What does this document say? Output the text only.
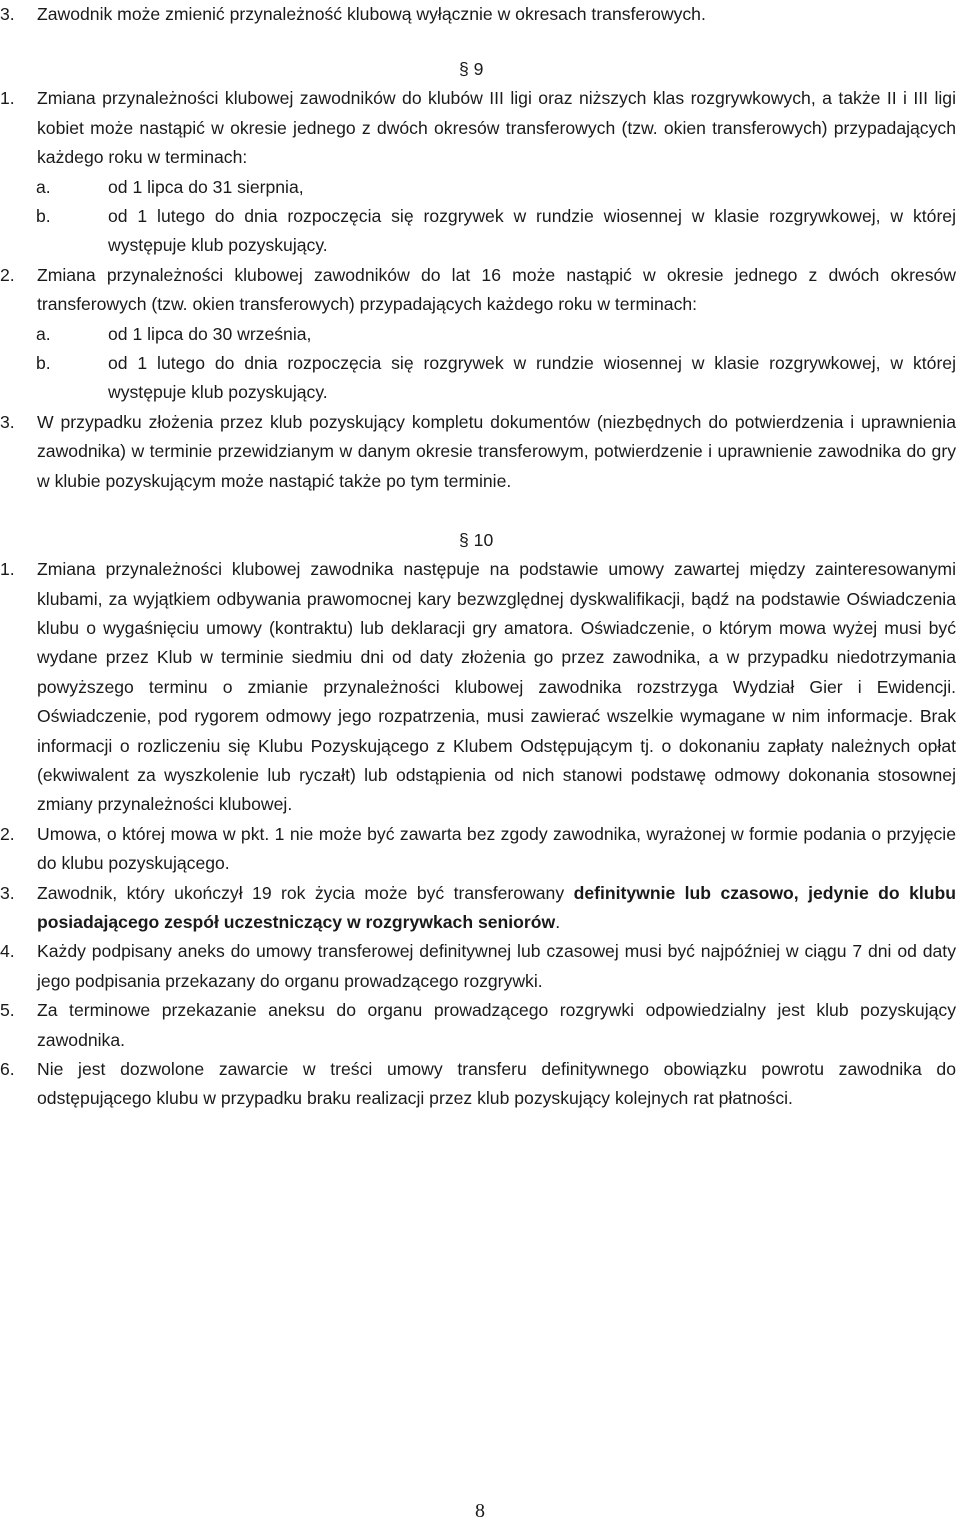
3. Zawodnik może zmienić przynależność klubową wyłącznie w okresach transferowych.
§ 9
1. Zmiana przynależności klubowej zawodników do klubów III ligi oraz niższych klas rozgrywkowych, a także II i III ligi kobiet może nastąpić w okresie jednego z dwóch okresów transferowych (tzw. okien transferowych) przypadających każdego roku w terminach:
a.	od 1 lipca do 31 sierpnia,
b.	od 1 lutego do dnia rozpoczęcia się rozgrywek w rundzie wiosennej w klasie rozgrywkowej, w której występuje klub pozyskujący.
2. Zmiana przynależności klubowej zawodników do lat 16 może nastąpić w okresie jednego z dwóch okresów transferowych (tzw. okien transferowych) przypadających każdego roku w terminach:
a.	od 1 lipca do 30 września,
b.	od 1 lutego do dnia rozpoczęcia się rozgrywek w rundzie wiosennej w klasie rozgrywkowej, w której występuje klub pozyskujący.
3. W przypadku złożenia przez klub pozyskujący kompletu dokumentów (niezbędnych do potwierdzenia i uprawnienia zawodnika) w terminie przewidzianym w danym okresie transferowym, potwierdzenie i uprawnienie zawodnika do gry w klubie pozyskującym może nastąpić także po tym terminie.
§ 10
1. Zmiana przynależności klubowej zawodnika następuje na podstawie umowy zawartej między zainteresowanymi klubami, za wyjątkiem odbywania prawomocnej kary bezwzględnej dyskwalifikacji, bądź na podstawie Oświadczenia klubu o wygaśnięciu umowy (kontraktu) lub deklaracji gry amatora. Oświadczenie, o którym mowa wyżej musi być wydane przez Klub w terminie siedmiu dni od daty złożenia go przez zawodnika, a w przypadku niedotrzymania powyższego terminu o zmianie przynależności klubowej zawodnika rozstrzyga Wydział Gier i Ewidencji. Oświadczenie, pod rygorem odmowy jego rozpatrzenia, musi zawierać wszelkie wymagane w nim informacje. Brak informacji o rozliczeniu się Klubu Pozyskującego z Klubem Odstępującym tj. o dokonaniu zapłaty należnych opłat (ekwiwalent za wyszkolenie lub ryczałt) lub odstąpienia od nich stanowi podstawę odmowy dokonania stosownej zmiany przynależności klubowej.
2. Umowa, o której mowa w pkt. 1 nie może być zawarta bez zgody zawodnika, wyrażonej w formie podania o przyjęcie do klubu pozyskującego.
3. Zawodnik, który ukończył 19 rok życia może być transferowany definitywnie lub czasowo, jedynie do klubu posiadającego zespół uczestniczący w rozgrywkach seniorów.
4. Każdy podpisany aneks do umowy transferowej definitywnej lub czasowej musi być najpóźniej w ciągu 7 dni od daty jego podpisania przekazany do organu prowadzącego rozgrywki.
5. Za terminowe przekazanie aneksu do organu prowadzącego rozgrywki odpowiedzialny jest klub pozyskujący zawodnika.
6. Nie jest dozwolone zawarcie w treści umowy transferu definitywnego obowiązku powrotu zawodnika do odstępującego klubu w przypadku braku realizacji przez klub pozyskujący kolejnych rat płatności.
8
